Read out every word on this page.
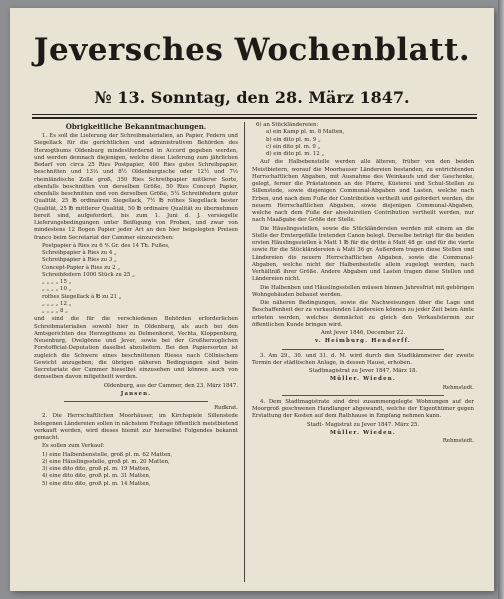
Jeversches Wochenblatt.
№ 13. Sonntag, den 28. März 1847.
Obrigkeitliche Bekanntmachungen.

1. Es soll die Lieferung der Schreibmaterialien, an Papier, Federn und Siegellack für die gerichtlichen und administrativen Behörden des Herzogthums Oldenburg mindestfordernd in Accord gegeben werden, und werden demnach diejenigen, welche diese Lieferung zum jährlichen Bedarf von circa 25 Ries Postpapier, 400 Ries gutes Schreibpapier, beschnitten und 13⅓ und 8½ Oldenburgische oder 12½ und 7⅓ rheinländische Zolle groß, 350 Ries Schreibpapier mittlerer Sorte, ebenfalls beschnitten von derselben Größe, 50 Ries Concept Papier, ebenfalls beschnitten und von derselben Größe, 5¼ Schreibfedern guter Qualität, 25 ℔ ordinairen Siegellack, 7½ ℔ rothes Siegellack bester Qualität, 25 ℔ mittlerer Qualität, 50 ℔ ordinaire Qualität zu übernehmen bereit sind, aufgefordert, bis zum 1. Juni d. J. versiegelte Lieferungsbedingungen unter Beifügung von Proben, und zwar von mindestens 12 Bogen Papier jeder Art an den hier beigelegten Preisen franco beim Secretariat der Cammer einzureichen:

Postpapier à Ries zu 6 ⁴⁄₅ Gr. des 14 Th. Fußes,
Schreibpapier à Ries zu 4 „
Schreibpapier à Ries zu 3 „
Concept-Papier à Ries zu 2 „
Schreibfedern 1000 Stück zu 25 „
„ „ „ „ 15 „
„ „ „ „ 10 „
rothes Siegellack à ℔ zu 21 „
„ „ „ „ 12 „
„ „ „ „ 8 „

und sind die für die verschiedenen Behörden erforderlichen Schreibmaterialien sowohl hier in Oldenburg, als auch bei den Amtsgerichten des Herzogthums zu Delmenhorst, Vechta, Kloppenburg, Neuenburg, Ovelgönne und Jever, sowie bei der Großherzoglichen Forstofficial-Deputation daselbst abzuliefern. Bei den Papiersorten ist zugleich die Schwere eines beschnittenen Rieses nach Cöllnischem Gewicht anzugeben; die übrigen näheren Bedingungen sind beim Secretariate der Cammer hieselbst einzusehen und können auch von demselben davon mitgetheilt werden.

Oldenburg, aus der Cammer, den 23. März 1847.

Jansen.

Rudkrat.

2. Die Herrschaftlichen Moorhäuser, im Kirchspiele Sillenstede belegenen Ländereien sollen in nächstem Freitage öffentlich meistbietend verkauft werden, wird dieses hiemit zur hierselbst Folgendes bekannt gemacht.

Es sollen zum Verkauf:

1) eine Halbenbenstelle, groß pl. m. 62 Matten,
2) eine Häuslingsstelle, groß pl. m. 20 Matten,
3) eine dito dito, groß pl. m. 19 Matten,
4) eine dito dito, groß pl. m. 31 Matten,
5) eine dito dito, groß pl. m. 14 Matten,
6) an Stückländereien:
a) ein Kamp pl. m. 8 Matten,
b) ein dito pl. m. 9 „
c) ein dito pl. m. 9 „
d) ein dito pl. m. 12 „

Auf die Halbebenstelle werden alle älteren, früher von den beiden Meistbietern, worauf die Moorhauser Ländereien bestanden, zu entrichtenden Herrschaftlichen Abgaben, mit Ausnahme des Weinkaufs und der Geschenke, gelegt, ferner die Prästationen an die Pfarre, Küsterei und Schul-Stellen zu Sillenstede, sowie diejenigen Communal-Abgaben und Lasten, welche nach Erben, und nach dem Fuße der Contribution vertheilt und gefordert werden, die neuern Herrschaftlichen Abgaben, sowie diejenigen Communal-Abgaben, welche nach dem Fuße der absoluirelien Contribution vertheilt werden, nur nach Maaßgabe der Größe der Stelle.

Die Häuslingsstellen, sowie die Stückländereien werden mit einem an die Stelle der Erntergefälle tretenden Canon belegt. Derselbe beträgt für die beiden ersten Häuslingsstellen à Matt 1 ℔ für die dritte à Matt 48 gr. und für die vierte sowie für die Stückländereien à Matt 36 gr. Außerdem tragen diese Stellen und Ländereien die neuern Herrschaftlichen Abgaben, sowie die Communal-Abgaben, welche nicht der Halbenbestelle allein zugelegt werden, nach Verhältniß ihrer Größe. Andere Abgaben und Lasten tragen diese Stellen und Ländereien nicht.

Die Halbenben und Häuslingsstellen müssen binnen Jahresfrist mit gehörigen Wohngebäuden bebauet werden.

Die näheren Bedingungen, sowie die Nachweisungen über die Lage und Beschaffenheit der zu verkaufenden Ländereien können zu jeder Zeit beim Amte erbeten werden, welches demnächst zu gleich den Verkaufstermin zur öffentlichen Kunde bringen wird.

Amt Jever 1846, December 22.

v. Heimburg. Hendorff.

3. Am 29., 30. und 31. d. M. wird durch den Stadtkämmerer der zweite Termin der städtischen Anlage, in dessen Hause, erhoben.

Stadtmagistrat zu Jever 1847, März 18.

Müller. Wieden.

Rehmstedt.

4. Dem Stadtmagistrate sind drei zusammengelegte Wohnungen auf der Moorgroß geschwenen Handlanger abgewandt, welche der Eigenthümer gegen Erstattung der Kosten auf dem Rathhause in Empfang nehmen kann.

Stadt- Magistrat zu Jever 1847. März 25.

Müller. Wieden.

Rehmstedt.
